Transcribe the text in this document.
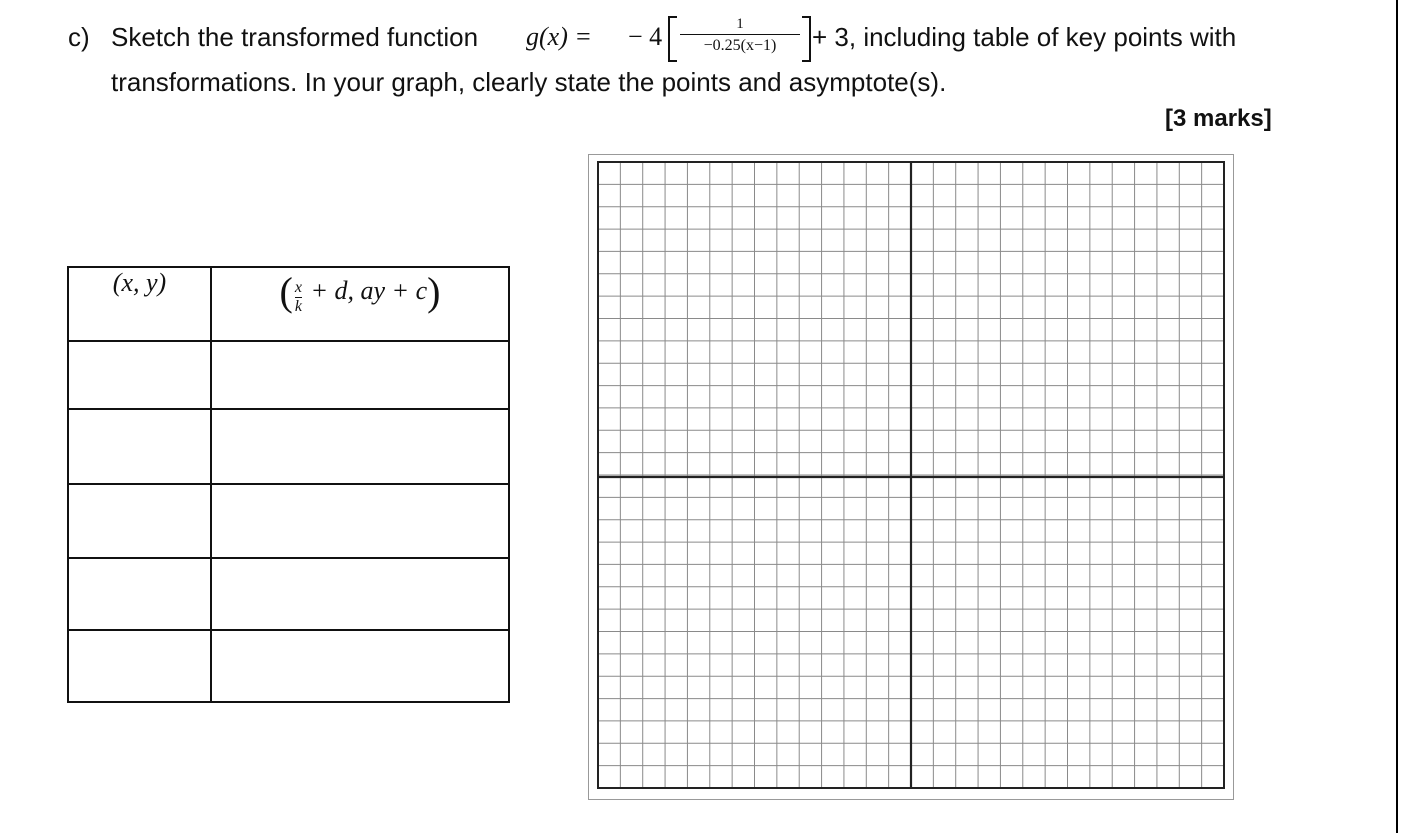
c) Sketch the transformed function g(x) = − 4	1
−0.25(x−1)	+ 3, including table of key points with
transformations. In your graph, clearly state the points and asymptote(s).
[3 marks]
(x, y)	( $\frac{x}{k} + d$, ay + c)
